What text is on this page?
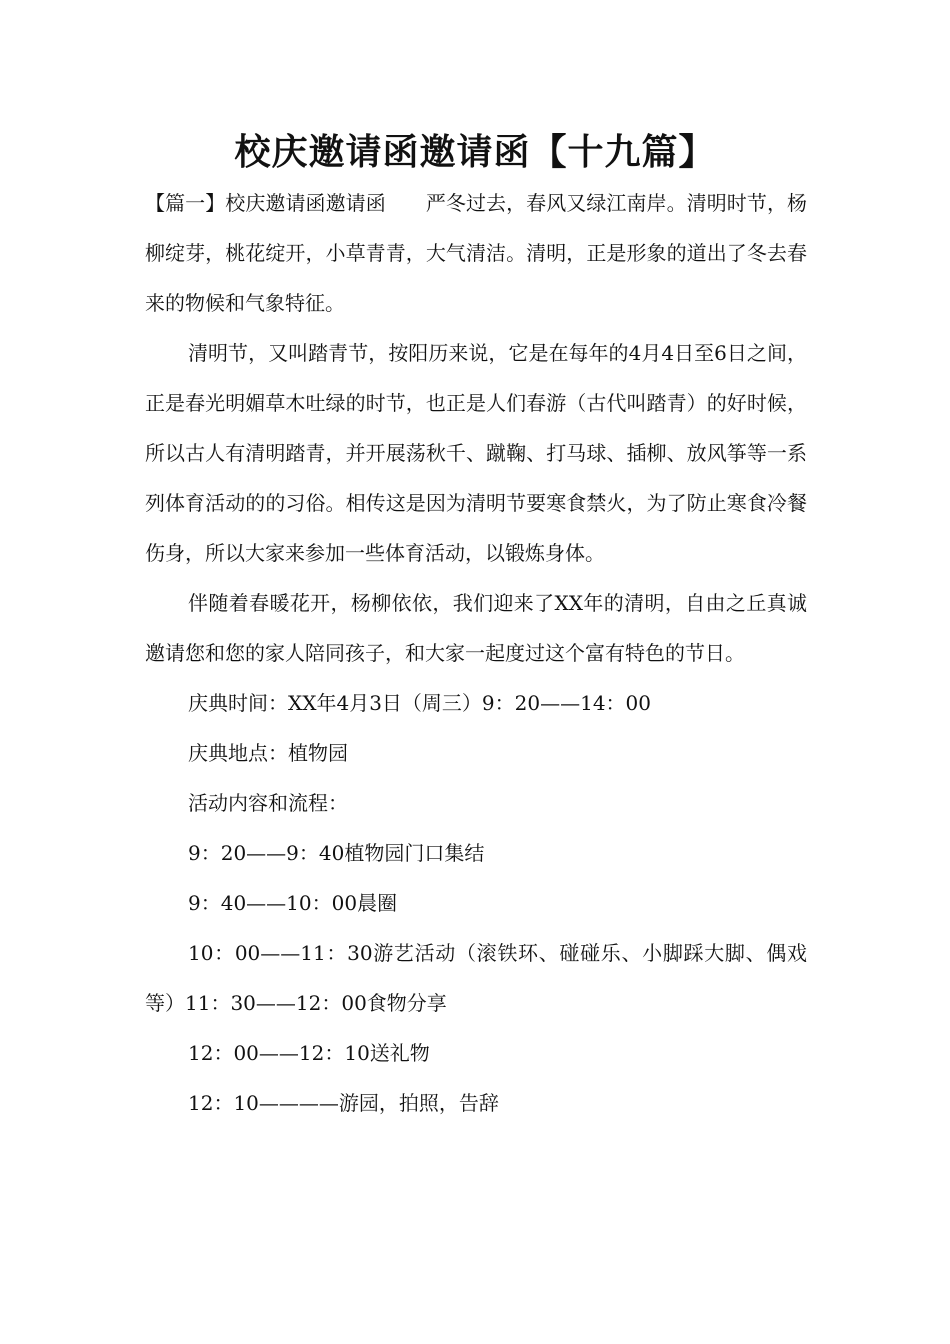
校庆邀请函邀请函【十九篇】

【篇一】校庆邀请函邀请函 严冬过去，春风又绿江南岸。清明时节，杨柳绽芽，桃花绽开，小草青青，大气清洁。清明，正是形象的道出了冬去春来的物候和气象特征。

清明节，又叫踏青节，按阳历来说，它是在每年的4月4日至6日之间，正是春光明媚草木吐绿的时节，也正是人们春游（古代叫踏青）的好时候，所以古人有清明踏青，并开展荡秋千、蹴鞠、打马球、插柳、放风筝等一系列体育活动的的习俗。相传这是因为清明节要寒食禁火，为了防止寒食冷餐伤身，所以大家来参加一些体育活动，以锻炼身体。

伴随着春暖花开，杨柳依依，我们迎来了XX年的清明，自由之丘真诚邀请您和您的家人陪同孩子，和大家一起度过这个富有特色的节日。

庆典时间：XX年4月3日（周三）9：20——14：00

庆典地点：植物园

活动内容和流程：

9：20——9：40植物园门口集结

9：40——10：00晨圈

10：00——11：30游艺活动（滚铁环、碰碰乐、小脚踩大脚、偶戏等）11：30——12：00食物分享

12：00——12：10送礼物

12：10————游园，拍照，告辞
